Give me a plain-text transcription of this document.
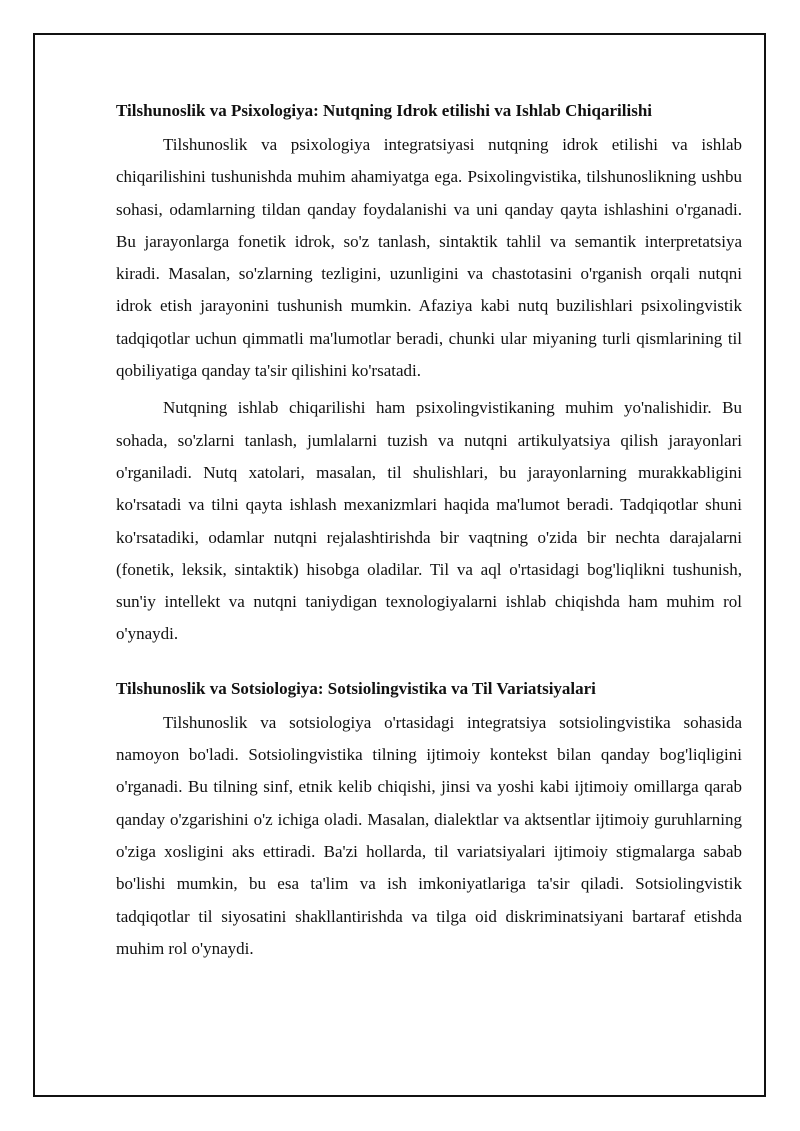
Tilshunoslik va Psixologiya: Nutqning Idrok etilishi va Ishlab Chiqarilishi

Tilshunoslik va psixologiya integratsiyasi nutqning idrok etilishi va ishlab chiqarilishini tushunishda muhim ahamiyatga ega. Psixolingvistika, tilshunoslikning ushbu sohasi, odamlarning tildan qanday foydalanishi va uni qanday qayta ishlashini o'rganadi. Bu jarayonlarga fonetik idrok, so'z tanlash, sintaktik tahlil va semantik interpretatsiya kiradi. Masalan, so'zlarning tezligini, uzunligini va chastotasini o'rganish orqali nutqni idrok etish jarayonini tushunish mumkin. Afaziya kabi nutq buzilishlari psixolingvistik tadqiqotlar uchun qimmatli ma'lumotlar beradi, chunki ular miyaning turli qismlarining til qobiliyatiga qanday ta'sir qilishini ko'rsatadi.

Nutqning ishlab chiqarilishi ham psixolingvistikaning muhim yo'nalishidir. Bu sohada, so'zlarni tanlash, jumlalarni tuzish va nutqni artikulyatsiya qilish jarayonlari o'rganiladi. Nutq xatolari, masalan, til shulishlari, bu jarayonlarning murakkabligini ko'rsatadi va tilni qayta ishlash mexanizmlari haqida ma'lumot beradi. Tadqiqotlar shuni ko'rsatadiki, odamlar nutqni rejalashtirishda bir vaqtning o'zida bir nechta darajalarni (fonetik, leksik, sintaktik) hisobga oladilar. Til va aql o'rtasidagi bog'liqlikni tushunish, sun'iy intellekt va nutqni taniydigan texnologiyalarni ishlab chiqishda ham muhim rol o'ynaydi.

Tilshunoslik va Sotsiologiya: Sotsiolingvistika va Til Variatsiyalari

Tilshunoslik va sotsiologiya o'rtasidagi integratsiya sotsiolingvistika sohasida namoyon bo'ladi. Sotsiolingvistika tilning ijtimoiy kontekst bilan qanday bog'liqligini o'rganadi. Bu tilning sinf, etnik kelib chiqishi, jinsi va yoshi kabi ijtimoiy omillarga qarab qanday o'zgarishini o'z ichiga oladi. Masalan, dialektlar va aktsentlar ijtimoiy guruhlarning o'ziga xosligini aks ettiradi. Ba'zi hollarda, til variatsiyalari ijtimoiy stigmalarga sabab bo'lishi mumkin, bu esa ta'lim va ish imkoniyatlariga ta'sir qiladi. Sotsiolingvistik tadqiqotlar til siyosatini shakllantirishda va tilga oid diskriminatsiyani bartaraf etishda muhim rol o'ynaydi.
